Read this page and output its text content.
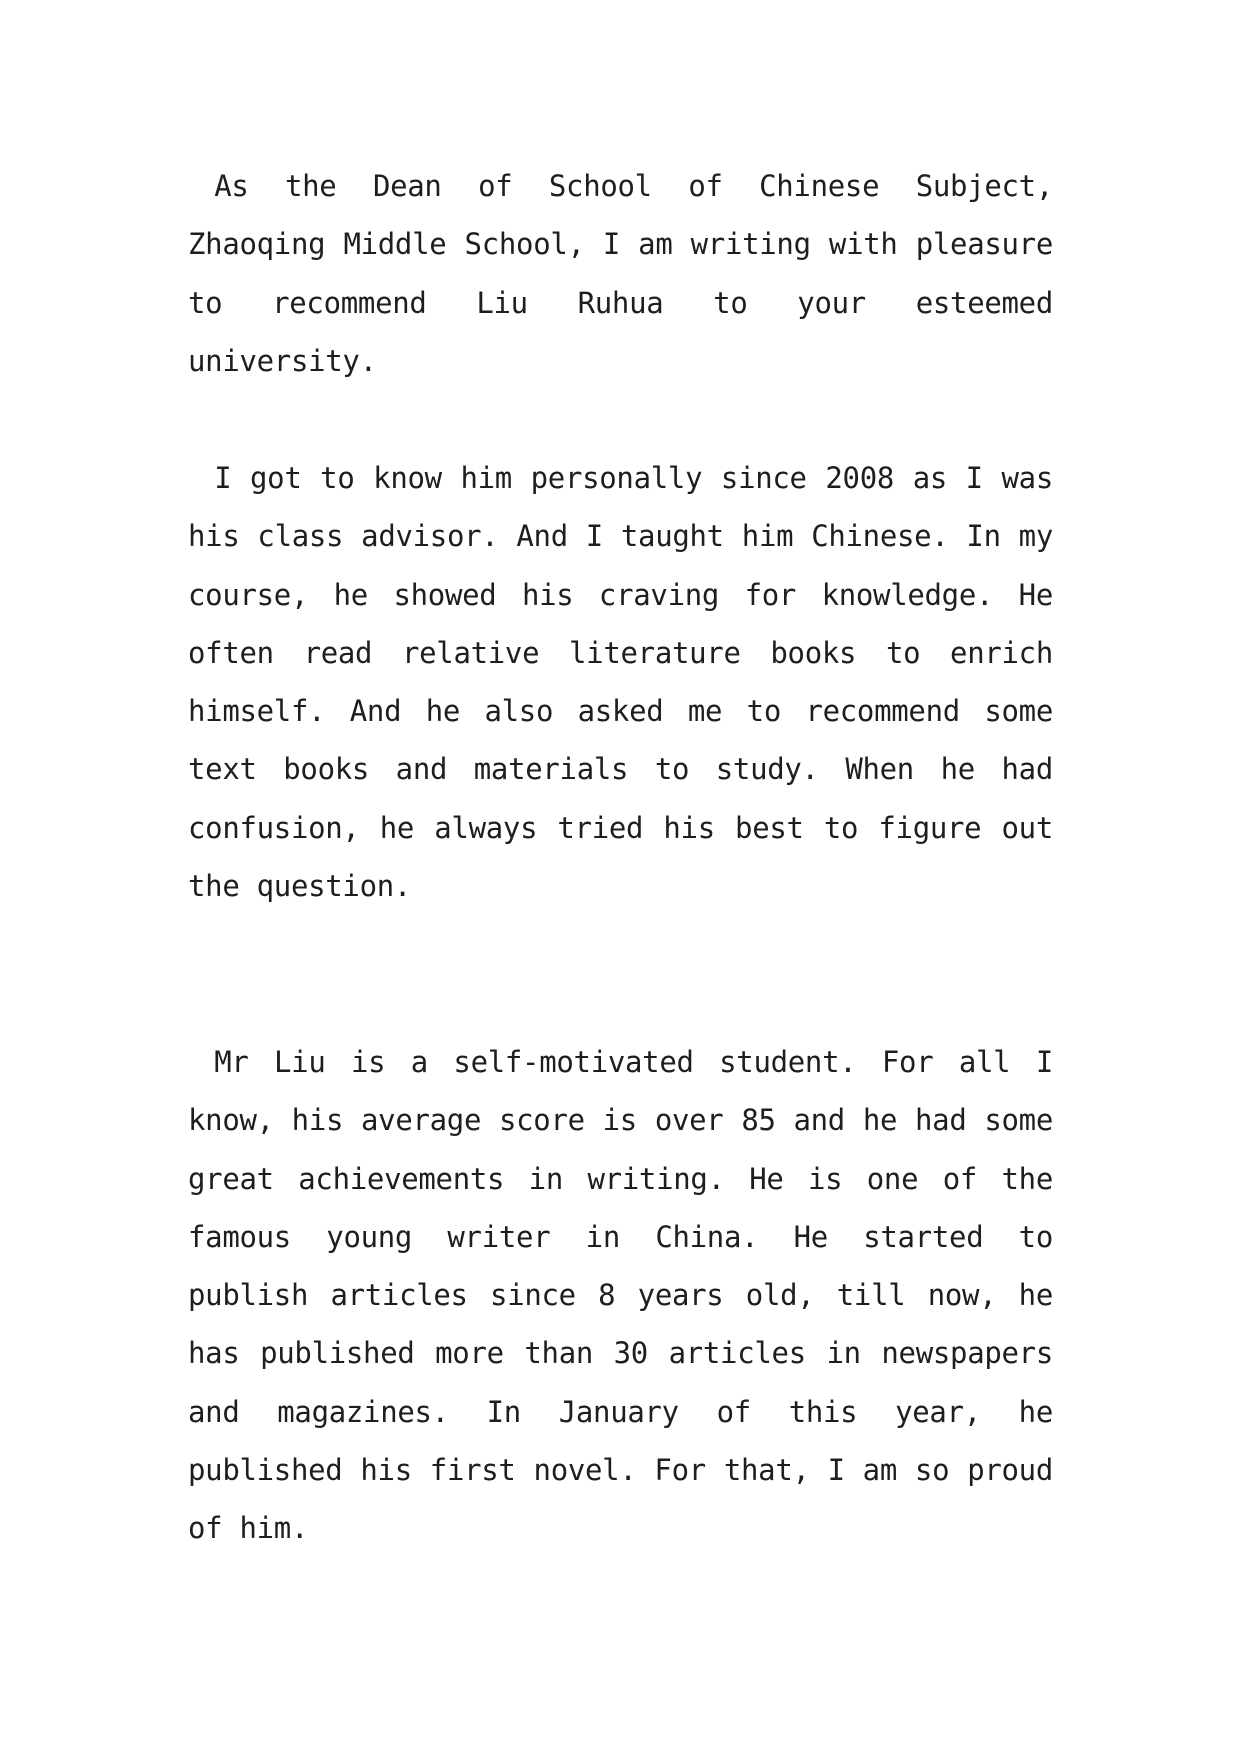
As the Dean of School of Chinese Subject, Zhaoqing Middle School, I am writing with pleasure to recommend Liu Ruhua to your esteemed university.

I got to know him personally since 2008 as I was his class advisor. And I taught him Chinese. In my course, he showed his craving for knowledge. He often read relative literature books to enrich himself. And he also asked me to recommend some text books and materials to study. When he had confusion, he always tried his best to figure out the question.

Mr Liu is a self-motivated student. For all I know, his average score is over 85 and he had some great achievements in writing. He is one of the famous young writer in China. He started to publish articles since 8 years old, till now, he has published more than 30 articles in newspapers and magazines. In January of this year, he published his first novel. For that, I am so proud of him.
